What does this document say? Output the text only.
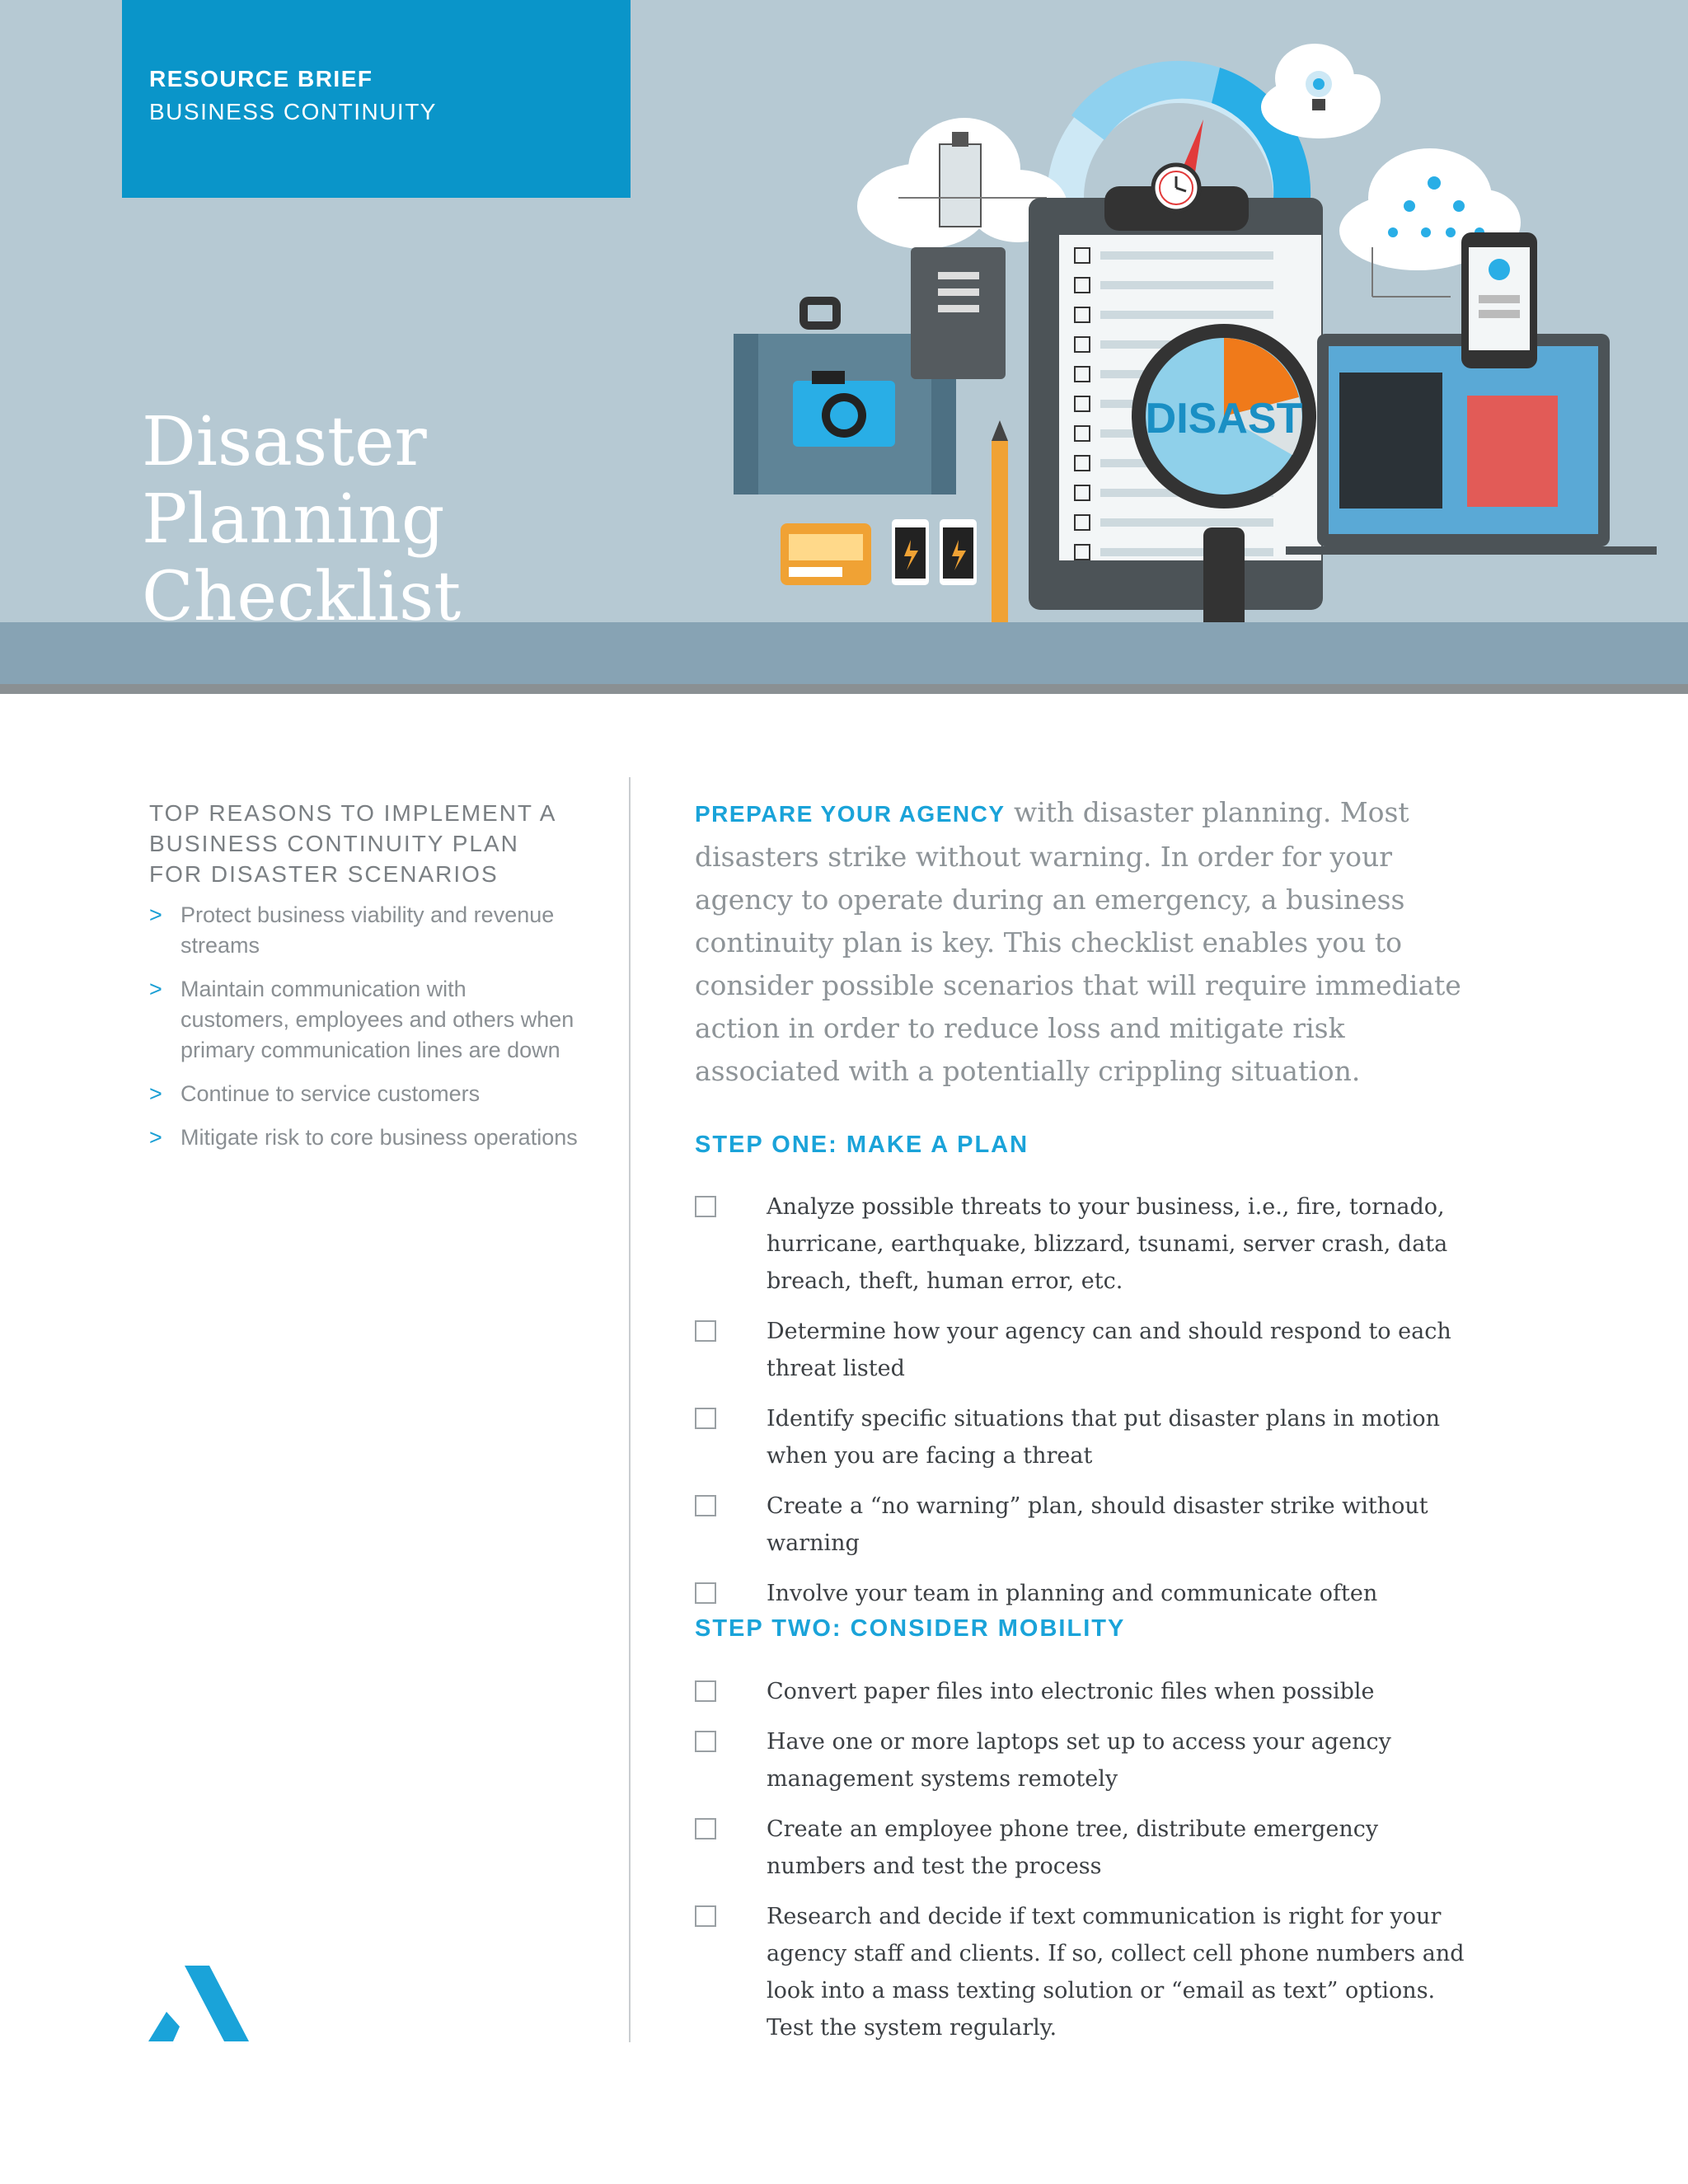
RESOURCE BRIEF
BUSINESS CONTINUITY
Disaster Planning
Checklist
DISAST
TOP REASONS TO IMPLEMENT A BUSINESS CONTINUITY PLAN FOR DISASTER SCENARIOS
> Protect business viability and revenue streams
> Maintain communication with customers, employees and others when primary communication lines are down
> Continue to service customers
> Mitigate risk to core business operations

PREPARE YOUR AGENCY with disaster planning. Most disasters strike without warning. In order for your agency to operate during an emergency, a business continuity plan is key. This checklist enables you to consider possible scenarios that will require immediate action in order to reduce loss and mitigate risk associated with a potentially crippling situation.

STEP ONE: MAKE A PLAN
Analyze possible threats to your business, i.e., fire, tornado, hurricane, earthquake, blizzard, tsunami, server crash, data breach, theft, human error, etc.
Determine how your agency can and should respond to each threat listed
Identify specific situations that put disaster plans in motion when you are facing a threat
Create a “no warning” plan, should disaster strike without warning
Involve your team in planning and communicate often
STEP TWO: CONSIDER MOBILITY
Convert paper files into electronic files when possible
Have one or more laptops set up to access your agency management systems remotely
Create an employee phone tree, distribute emergency numbers and test the process
Research and decide if text communication is right for your agency staff and clients. If so, collect cell phone numbers and look into a mass texting solution or “email as text” options. Test the system regularly.
